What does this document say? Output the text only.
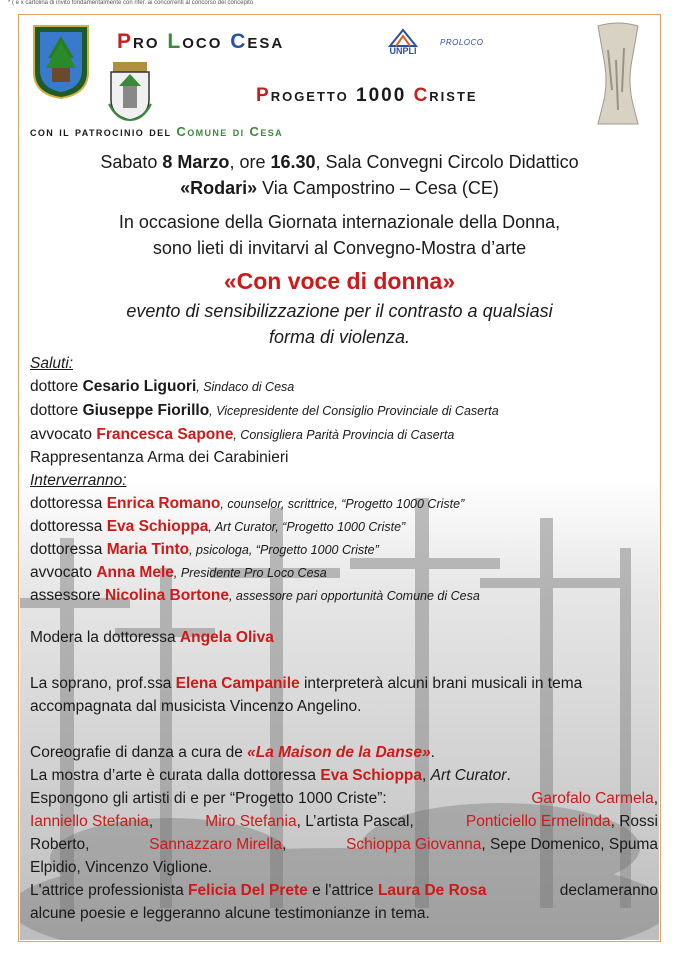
* ( e x cartolina di invito fondamentalmente con rifer. ai concorrenti al concorso del concepito
Pro Loco Cesa	UNPLI
PROLOCO
Progetto 1000 Criste
con il patrocinio del Comune di Cesa
Sabato 8 Marzo, ore 16.30, Sala Convegni Circolo Didattico
«Rodari» Via Campostrino – Cesa (CE)
In occasione della Giornata internazionale della Donna,
sono lieti di invitarvi al Convegno-Mostra d’arte
«Con voce di donna»
evento di sensibilizzazione per il contrasto a qualsiasi
forma di violenza.
Saluti:
dottore Cesario Liguori, Sindaco di Cesa
dottore Giuseppe Fiorillo, Vicepresidente del Consiglio Provinciale di Caserta
avvocato Francesca Sapone, Consigliera Parità Provincia di Caserta
Rappresentanza Arma dei Carabinieri
Interverranno:
dottoressa Enrica Romano, counselor, scrittrice, “Progetto 1000 Criste”
dottoressa Eva Schioppa, Art Curator, “Progetto 1000 Criste”
dottoressa Maria Tinto, psicologa, “Progetto 1000 Criste”
avvocato Anna Mele, Presidente Pro Loco Cesa
assessore Nicolina Bortone, assessore pari opportunità Comune di Cesa
Modera la dottoressa Angela Oliva
La soprano, prof.ssa Elena Campanile interpreterà alcuni brani musicali in tema
accompagnata dal musicista Vincenzo Angelino.
Coreografie di danza a cura de «La Maison de la Danse».
La mostra d’arte è curata dalla dottoressa Eva Schioppa, Art Curator.
Espongono gli artisti di e per “Progetto 1000 Criste”:	Garofalo Carmela,
Ianniello Stefania,	Miro Stefania, L’artista Pascal,	Ponticiello Ermelinda, Rossi
Roberto,	Sannazzaro Mirella,	Schioppa Giovanna, Sepe Domenico, Spuma
Elpidio, Vincenzo Viglione.
L'attrice professionista Felicia Del Prete e l'attrice Laura De Rosa	declameranno
alcune poesie e leggeranno alcune testimonianze in tema.
